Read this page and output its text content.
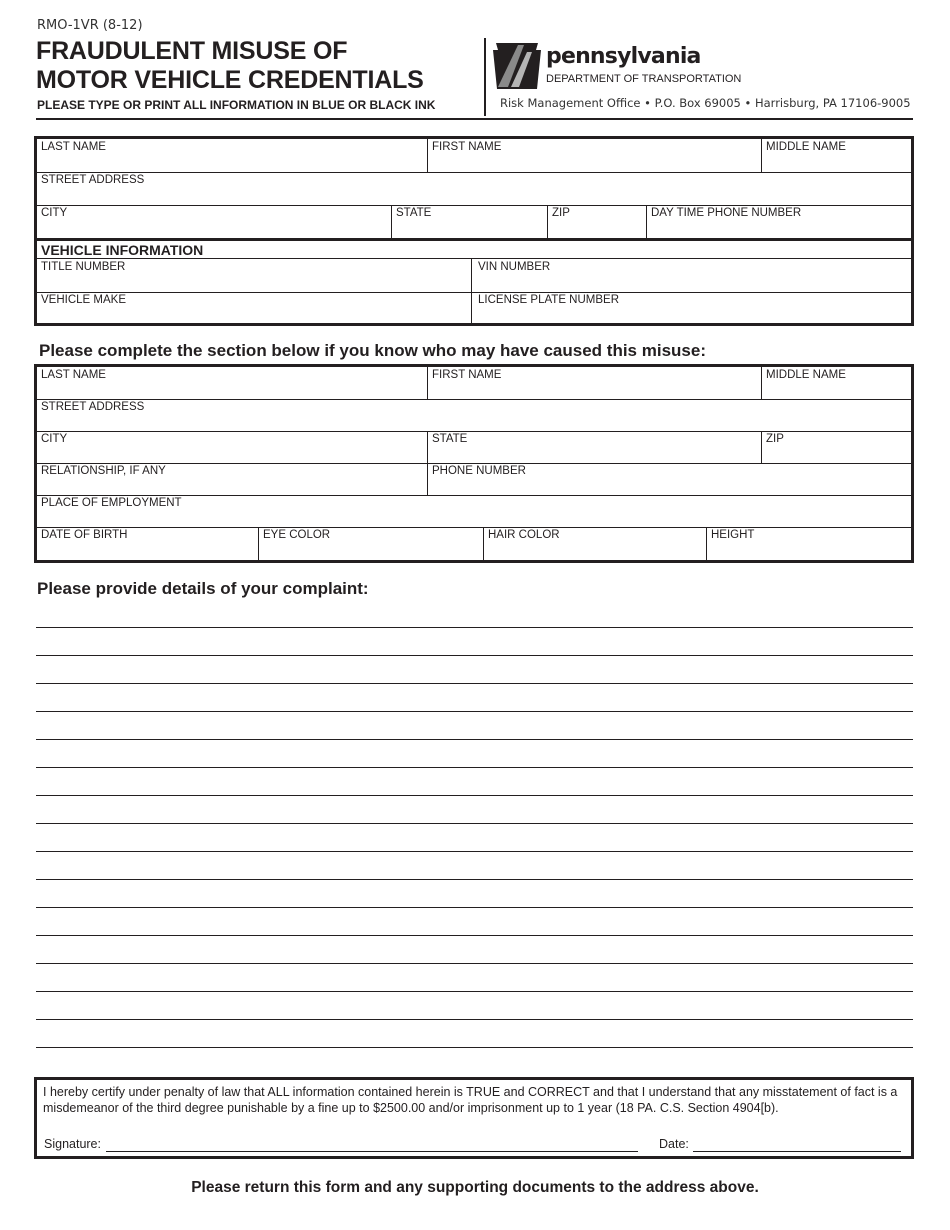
RMO-1VR (8-12)
FRAUDULENT MISUSE OF
MOTOR VEHICLE CREDENTIALS
PLEASE TYPE OR PRINT ALL INFORMATION IN BLUE OR BLACK INK
pennsylvania
DEPARTMENT OF TRANSPORTATION
Risk Management Office • P.O. Box 69005 • Harrisburg, PA 17106-9005
LAST NAME	FIRST NAME	MIDDLE NAME
STREET ADDRESS
CITY	STATE	ZIP	DAY TIME PHONE NUMBER
VEHICLE INFORMATION
TITLE NUMBER	VIN NUMBER
VEHICLE MAKE	LICENSE PLATE NUMBER
Please complete the section below if you know who may have caused this misuse:
LAST NAME	FIRST NAME	MIDDLE NAME
STREET ADDRESS
CITY	STATE	ZIP
RELATIONSHIP, IF ANY	PHONE NUMBER
PLACE OF EMPLOYMENT
DATE OF BIRTH	EYE COLOR	HAIR COLOR	HEIGHT
Please provide details of your complaint:
I hereby certify under penalty of law that ALL information contained herein is TRUE and CORRECT and that I understand that any misstatement of fact is a misdemeanor of the third degree punishable by a fine up to $2500.00 and/or imprisonment up to 1 year (18 PA. C.S. Section 4904[b).
Signature:	Date:
Please return this form and any supporting documents to the address above.
